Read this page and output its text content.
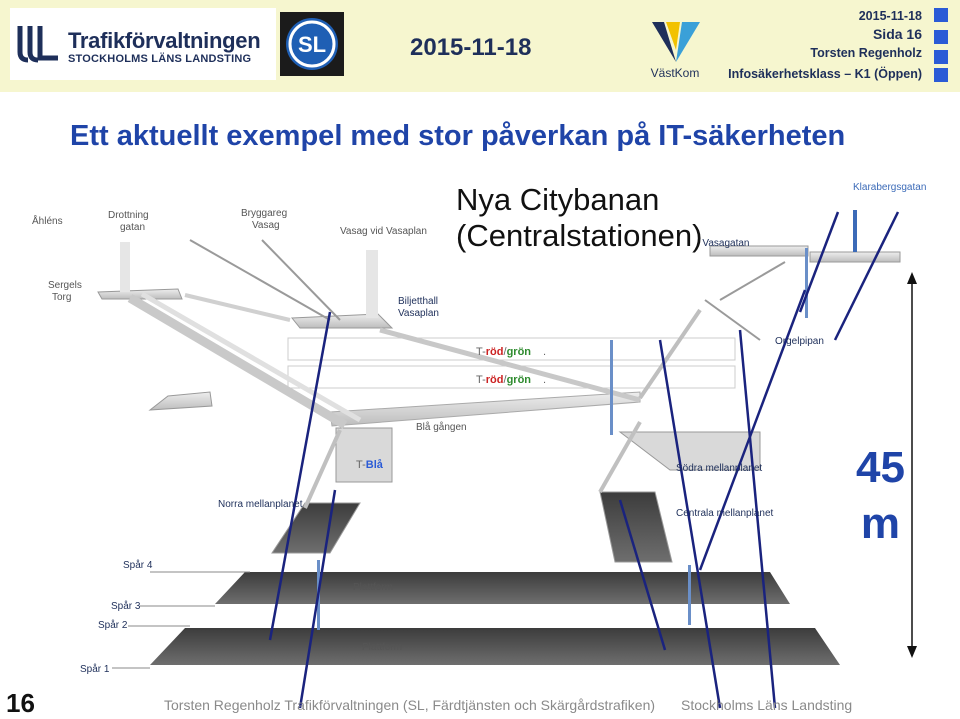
Trafikförvaltningen
STOCKHOLMS LÄNS LANDSTING
SL	2015-11-18
VästKom
2015-11-18
Sida 16
Torsten Regenholz
Infosäkerhetsklass – K1 (Öppen)
Ett aktuellt exempel med stor påverkan på IT-säkerheten
Åhléns
Drottning
gatan
Bryggareg
Vasag
Vasag vid Vasaplan
Nya Citybanan
(Centralstationen)Vasagatan
Klarabergsgatan
Sergels
Torg	Biljetthall
Vasaplan
Orgelpipan
T-röd/grön .
T-röd/grön .
Blå gången
T-Blå	Södra mellanplanet
Norra mellanplanet
Centrala mellanplanet
45
m
Spår 4
Plattform
Spår 3
Spår 2
Plattform
Spår 1
16	Torsten Regenholz Trafikförvaltningen (SL, Färdtjänsten och Skärgårdstrafiken) Stockholms Läns Landsting
